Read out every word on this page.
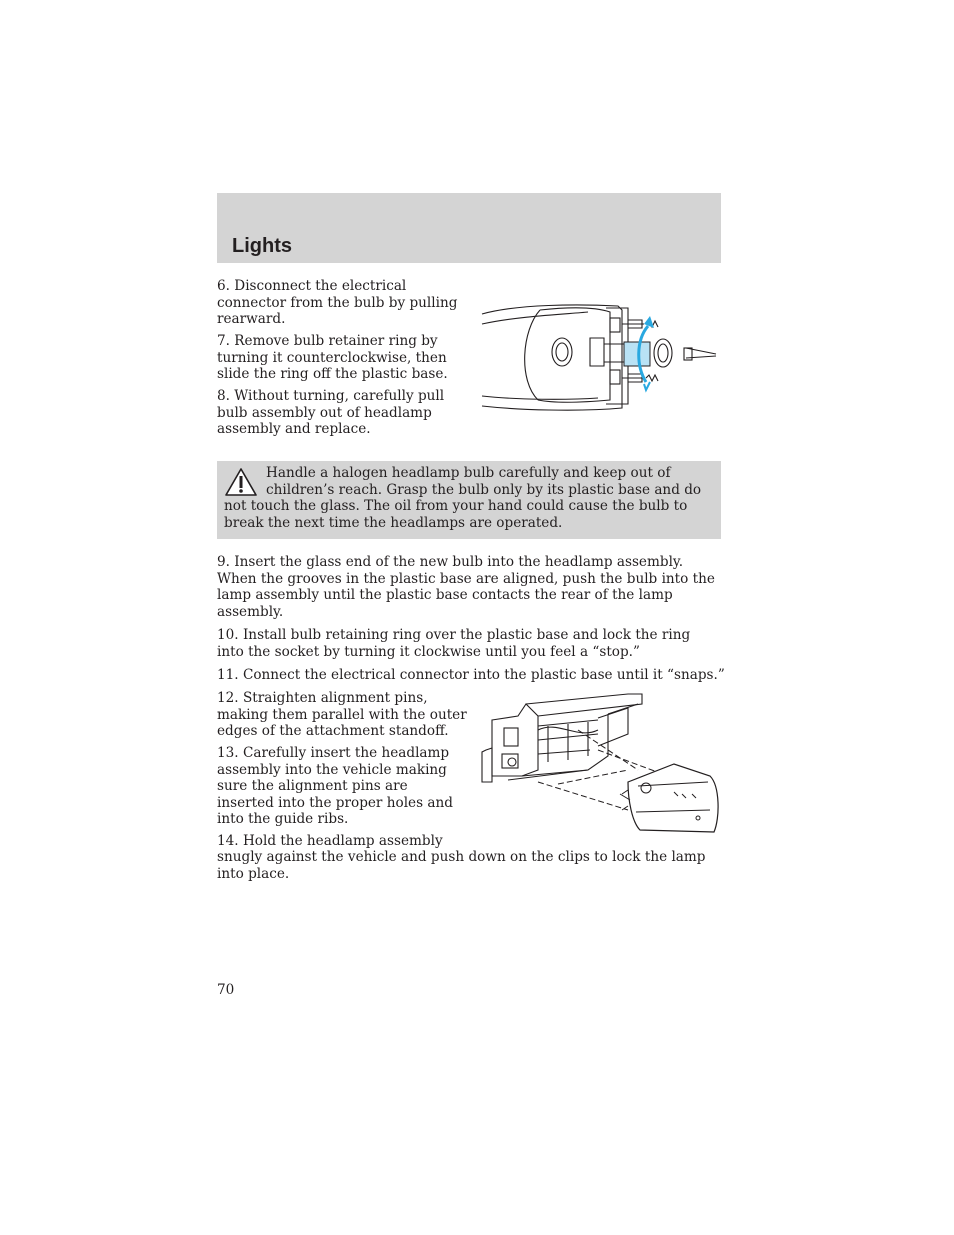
Lights

6. Disconnect the electrical connector from the bulb by pulling rearward.

7. Remove bulb retainer ring by turning it counterclockwise, then slide the ring off the plastic base.

8. Without turning, carefully pull bulb assembly out of headlamp assembly and replace.

Handle a halogen headlamp bulb carefully and keep out of children’s reach. Grasp the bulb only by its plastic base and do not touch the glass. The oil from your hand could cause the bulb to break the next time the headlamps are operated.

9. Insert the glass end of the new bulb into the headlamp assembly. When the grooves in the plastic base are aligned, push the bulb into the lamp assembly until the plastic base contacts the rear of the lamp assembly.

10. Install bulb retaining ring over the plastic base and lock the ring into the socket by turning it clockwise until you feel a “stop.”

11. Connect the electrical connector into the plastic base until it “snaps.”

12. Straighten alignment pins, making them parallel with the outer edges of the attachment standoff.

13. Carefully insert the headlamp assembly into the vehicle making sure the alignment pins are inserted into the proper holes and into the guide ribs.

14. Hold the headlamp assembly

snugly against the vehicle and push down on the clips to lock the lamp into place.

70
